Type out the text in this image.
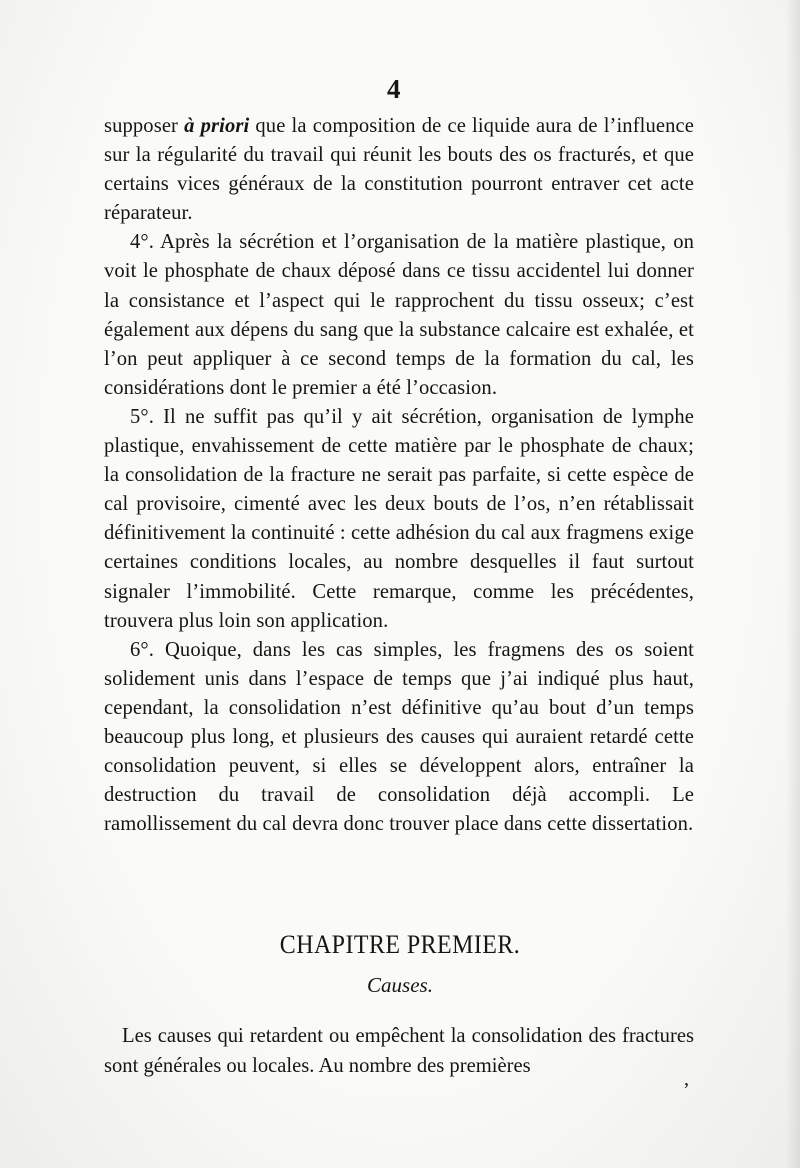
4

supposer à priori que la composition de ce liquide aura de l’influence sur la régularité du travail qui réunit les bouts des os fracturés, et que certains vices généraux de la constitution pourront entraver cet acte réparateur.

4°. Après la sécrétion et l’organisation de la matière plastique, on voit le phosphate de chaux déposé dans ce tissu accidentel lui donner la consistance et l’aspect qui le rapprochent du tissu osseux; c’est également aux dépens du sang que la substance calcaire est exhalée, et l’on peut appliquer à ce second temps de la formation du cal, les considérations dont le premier a été l’occasion.

5°. Il ne suffit pas qu’il y ait sécrétion, organisation de lymphe plastique, envahissement de cette matière par le phosphate de chaux; la consolidation de la fracture ne serait pas parfaite, si cette espèce de cal provisoire, cimenté avec les deux bouts de l’os, n’en rétablissait définitivement la continuité : cette adhésion du cal aux fragmens exige certaines conditions locales, au nombre desquelles il faut surtout signaler l’immobilité. Cette remarque, comme les précédentes, trouvera plus loin son application.

6°. Quoique, dans les cas simples, les fragmens des os soient solidement unis dans l’espace de temps que j’ai indiqué plus haut, cependant, la consolidation n’est définitive qu’au bout d’un temps beaucoup plus long, et plusieurs des causes qui auraient retardé cette consolidation peuvent, si elles se développent alors, entraîner la destruction du travail de consolidation déjà accompli. Le ramollissement du cal devra donc trouver place dans cette dissertation.

CHAPITRE PREMIER.
Causes.

Les causes qui retardent ou empêchent la consolidation des fractures sont générales ou locales. Au nombre des premières

,
